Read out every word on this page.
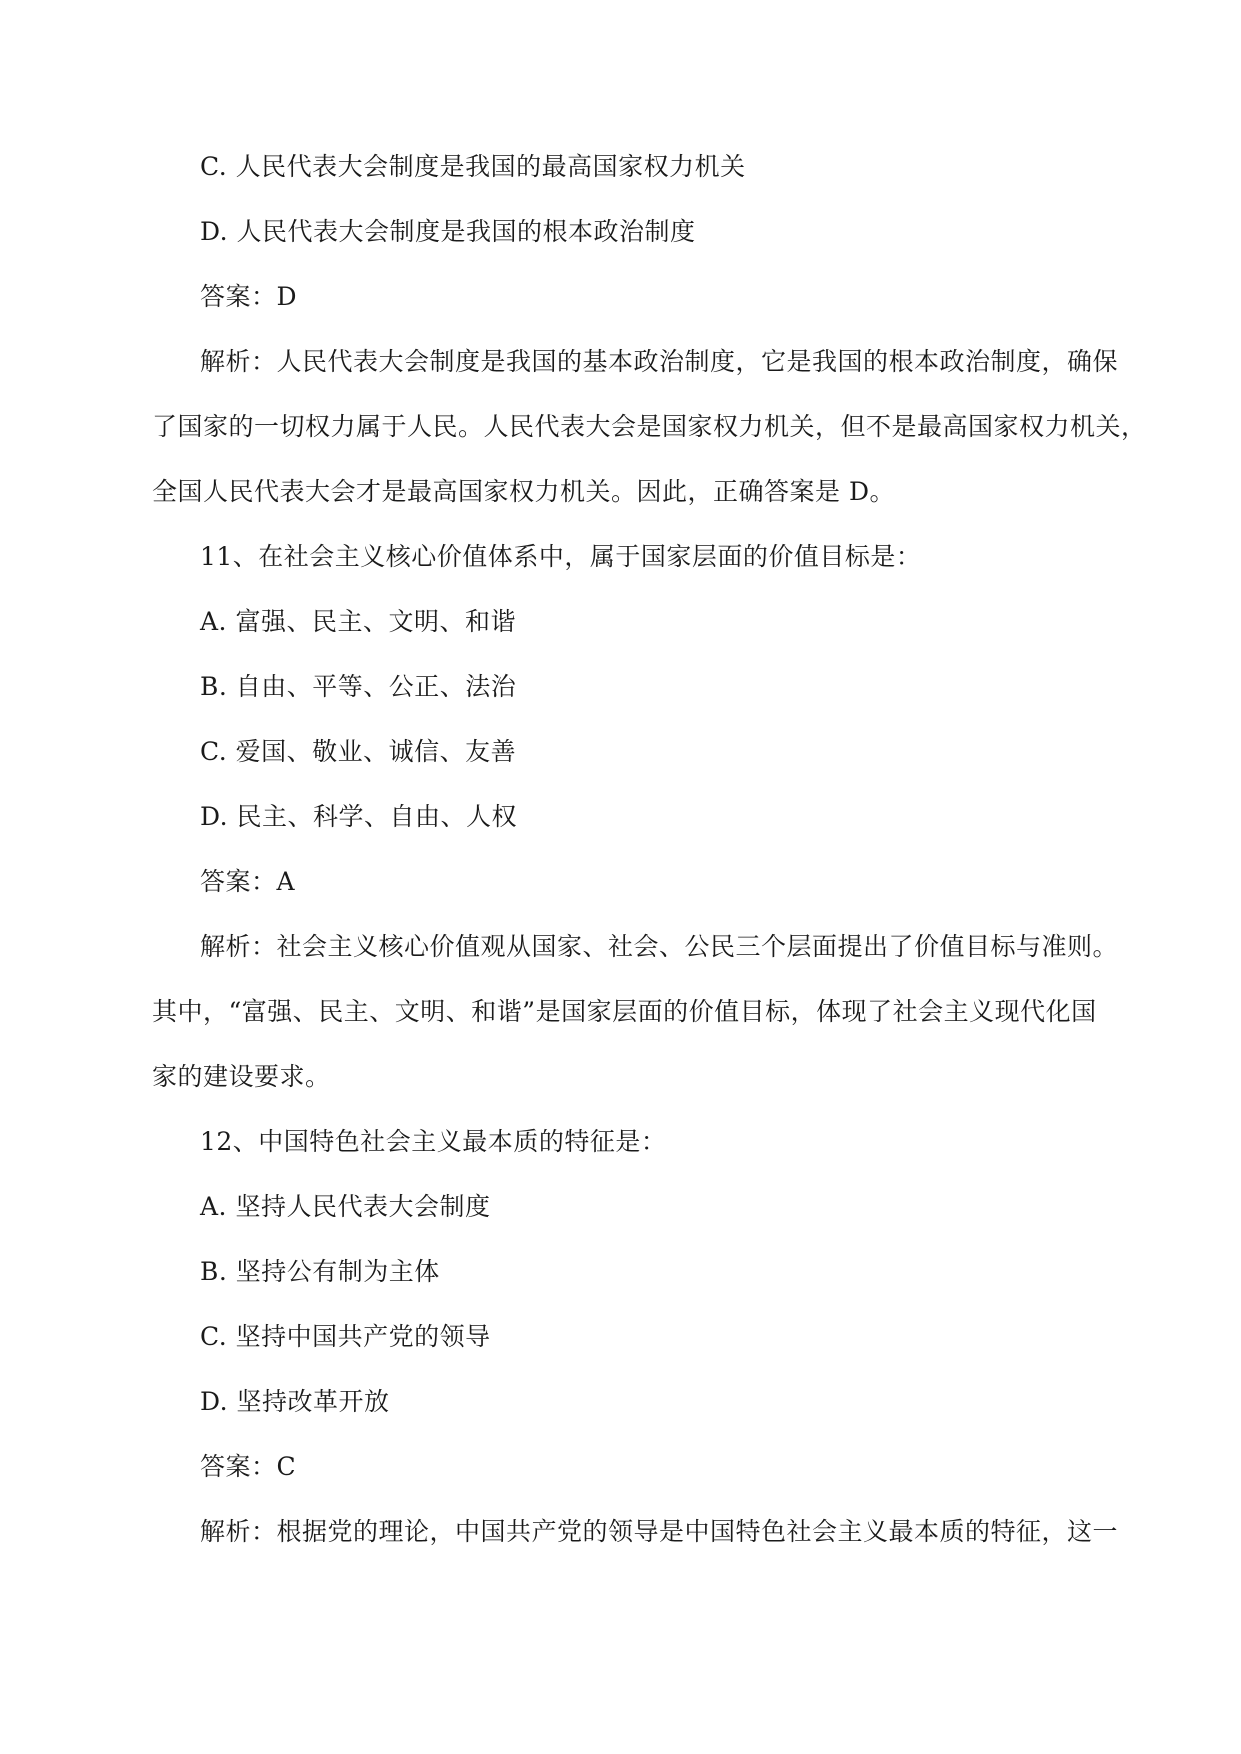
C. 人民代表大会制度是我国的最高国家权力机关
D. 人民代表大会制度是我国的根本政治制度
答案：D
解析：人民代表大会制度是我国的基本政治制度，它是我国的根本政治制度，确保
了国家的一切权力属于人民。人民代表大会是国家权力机关，但不是最高国家权力机关，
全国人民代表大会才是最高国家权力机关。因此，正确答案是 D。
11、在社会主义核心价值体系中，属于国家层面的价值目标是：
A. 富强、民主、文明、和谐
B. 自由、平等、公正、法治
C. 爱国、敬业、诚信、友善
D. 民主、科学、自由、人权
答案：A
解析：社会主义核心价值观从国家、社会、公民三个层面提出了价值目标与准则。
其中，“富强、民主、文明、和谐”是国家层面的价值目标，体现了社会主义现代化国
家的建设要求。
12、中国特色社会主义最本质的特征是：
A. 坚持人民代表大会制度
B. 坚持公有制为主体
C. 坚持中国共产党的领导
D. 坚持改革开放
答案：C
解析：根据党的理论，中国共产党的领导是中国特色社会主义最本质的特征，这一
